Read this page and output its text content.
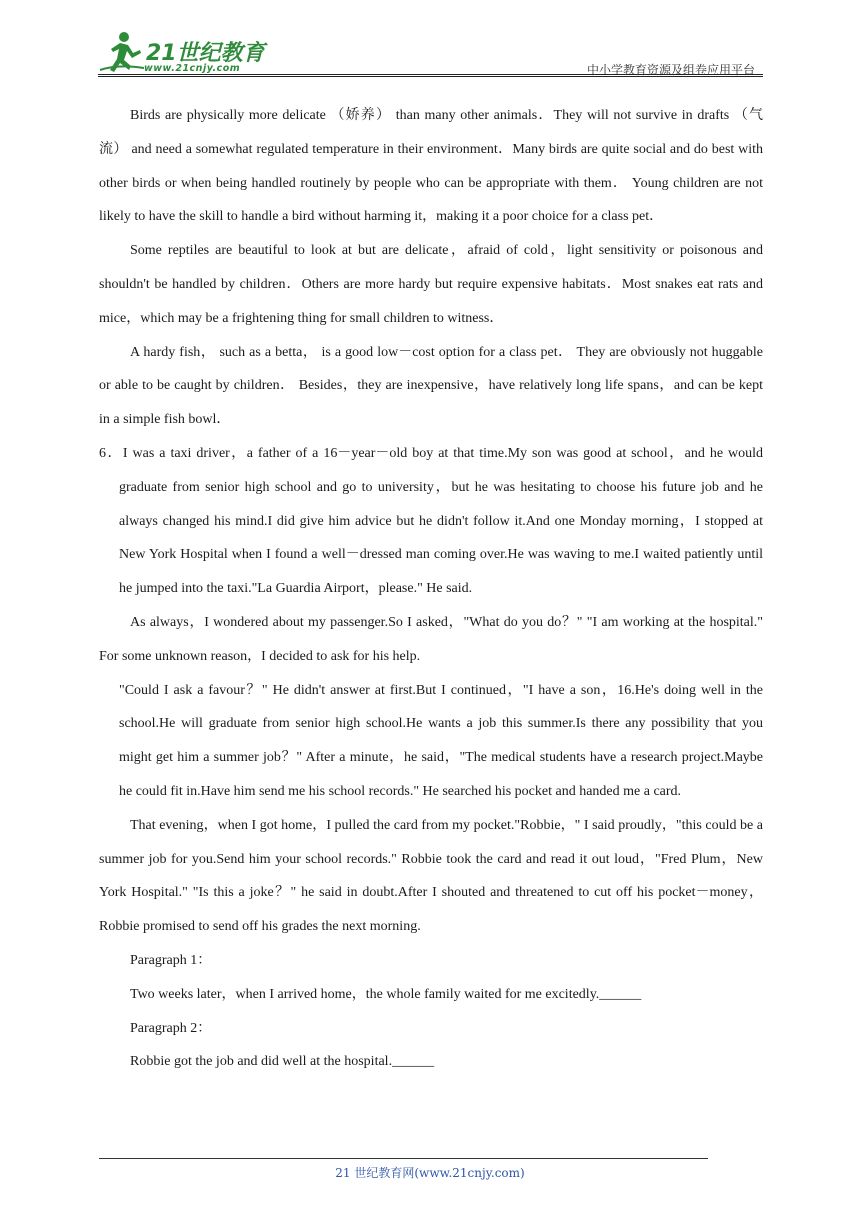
21世纪教育
www.21cnjy.com	中小学教育资源及组卷应用平台

Birds are physically more delicate （娇养） than many other animals．They will not survive in drafts （气流） and need a somewhat regulated temperature in their environment．Many birds are quite social and do best with other birds or when being handled routinely by people who can be appropriate with them． Young children are not likely to have the skill to handle a bird without harming it，making it a poor choice for a class pet．

Some reptiles are beautiful to look at but are delicate，afraid of cold，light sensitivity or poisonous and shouldn't be handled by children．Others are more hardy but require expensive habitats．Most snakes eat rats and mice，which may be a frightening thing for small children to witness．

A hardy fish， such as a betta， is a good low－cost option for a class pet． They are obviously not huggable or able to be caught by children． Besides，they are inexpensive，have relatively long life spans，and can be kept in a simple fish bowl．

6．I was a taxi driver，a father of a 16－year－old boy at that time.My son was good at school，and he would graduate from senior high school and go to university，but he was hesitating to choose his future job and he always changed his mind.I did give him advice but he didn't follow it.And one Monday morning，I stopped at New York Hospital when I found a well－dressed man coming over.He was waving to me.I waited patiently until he jumped into the taxi."La Guardia Airport，please." He said.

As always，I wondered about my passenger.So I asked，"What do you do？" "I am working at the hospital." For some unknown reason，I decided to ask for his help.

"Could I ask a favour？" He didn't answer at first.But I continued，"I have a son，16.He's doing well in the school.He will graduate from senior high school.He wants a job this summer.Is there any possibility that you might get him a summer job？" After a minute，he said，"The medical students have a research project.Maybe he could fit in.Have him send me his school records." He searched his pocket and handed me a card.

That evening，when I got home，I pulled the card from my pocket."Robbie，" I said proudly，"this could be a summer job for you.Send him your school records." Robbie took the card and read it out loud，"Fred Plum，New York Hospital." "Is this a joke？" he said in doubt.After I shouted and threatened to cut off his pocket－money，Robbie promised to send off his grades the next morning.

Paragraph 1：

Two weeks later，when I arrived home，the whole family waited for me excitedly.______

Paragraph 2：

Robbie got the job and did well at the hospital.______

21 世纪教育网(www.21cnjy.com)
